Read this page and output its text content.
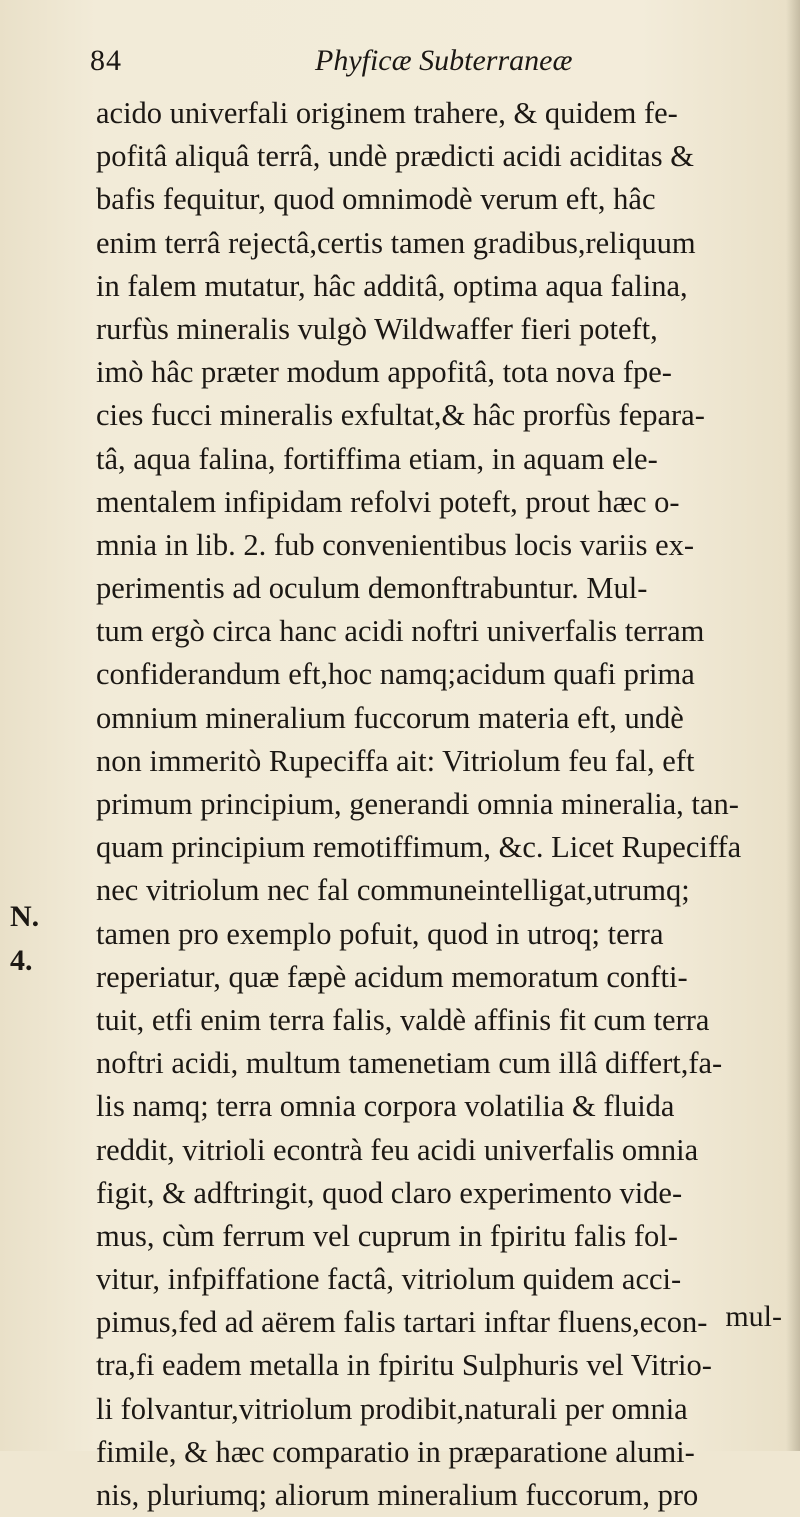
84	Phyficæ Subterraneæ
N.
4.
acido univerfali originem trahere, & quidem fe-
pofitâ aliquâ terrâ, undè prædicti acidi aciditas &
bafis fequitur, quod omnimodè verum eft, hâc
enim terrâ rejectâ,certis tamen gradibus,reliquum
in falem mutatur, hâc additâ, optima aqua falina,
rurfùs mineralis vulgò Wildwaffer fieri poteft,
imò hâc præter modum appofitâ, tota nova fpe-
cies fucci mineralis exfultat,& hâc prorfùs fepara-
tâ, aqua falina, fortiffima etiam, in aquam ele-
mentalem infipidam refolvi poteft, prout hæc o-
mnia in lib. 2. fub convenientibus locis variis ex-
perimentis ad oculum demonftrabuntur. Mul-
tum ergò circa hanc acidi noftri univerfalis terram
confiderandum eft,hoc namq;acidum quafi prima
omnium mineralium fuccorum materia eft, undè
non immeritò Rupeciffa ait: Vitriolum feu fal, eft
primum principium, generandi omnia mineralia, tan-
quam principium remotiffimum, &c. Licet Rupeciffa
nec vitriolum nec fal communeintelligat,utrumq;
tamen pro exemplo pofuit, quod in utroq; terra
reperiatur, quæ fæpè acidum memoratum confti-
tuit, etfi enim terra falis, valdè affinis fit cum terra
noftri acidi, multum tamenetiam cum illâ differt,fa-
lis namq; terra omnia corpora volatilia & fluida
reddit, vitrioli econtrà feu acidi univerfalis omnia
figit, & adftringit, quod claro experimento vide-
mus, cùm ferrum vel cuprum in fpiritu falis fol-
vitur, infpiffatione factâ, vitriolum quidem acci-
pimus,fed ad aërem falis tartari inftar fluens,econ-
tra,fi eadem metalla in fpiritu Sulphuris vel Vitrio-
li folvantur,vitriolum prodibit,naturali per omnia
fimile, & hæc comparatio in præparatione alumi-
nis, pluriumq; aliorum mineralium fuccorum, pro
mul-
